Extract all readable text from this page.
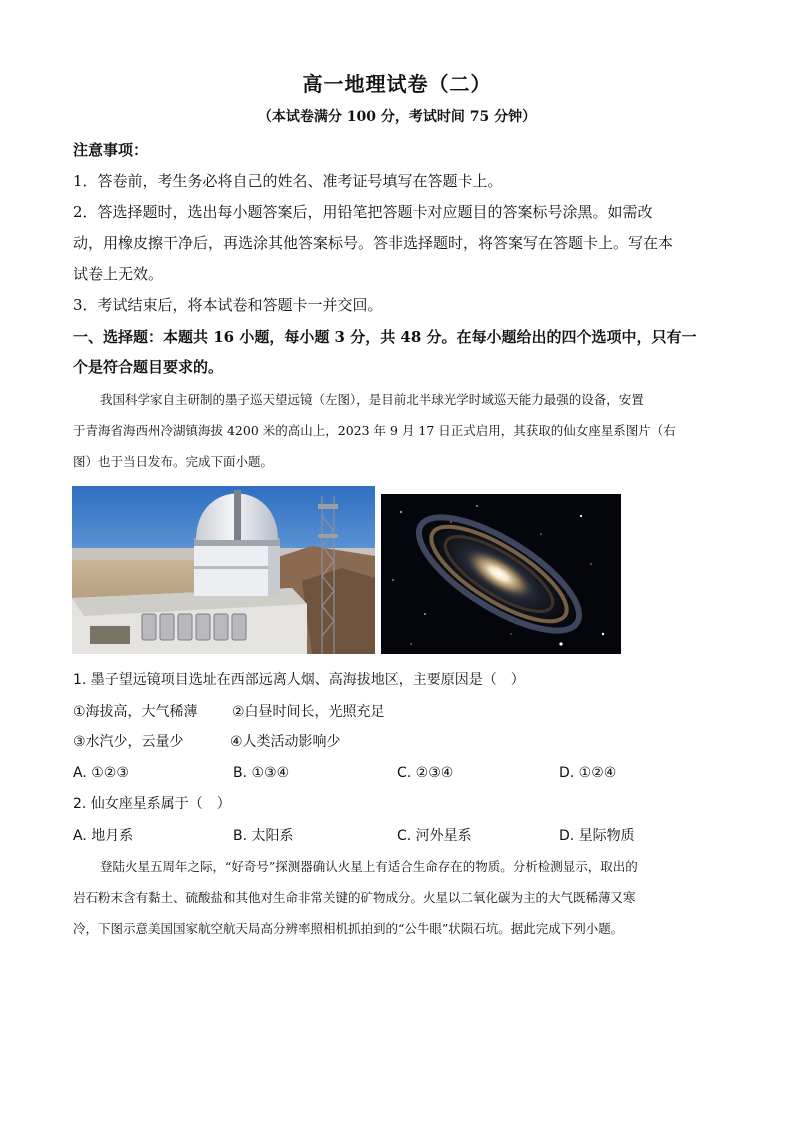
高一地理试卷（二）
（本试卷满分 100 分，考试时间 75 分钟）
注意事项：
1．答卷前，考生务必将自己的姓名、准考证号填写在答题卡上。
2．答选择题时，选出每小题答案后，用铅笔把答题卡对应题目的答案标号涂黑。如需改
动，用橡皮擦干净后，再选涂其他答案标号。答非选择题时，将答案写在答题卡上。写在本
试卷上无效。
3．考试结束后，将本试卷和答题卡一并交回。
一、选择题：本题共 16 小题，每小题 3 分，共 48 分。在每小题给出的四个选项中，只有一
个是符合题目要求的。
我国科学家自主研制的墨子巡天望远镜（左图），是目前北半球光学时域巡天能力最强的设备，安置
于青海省海西州冷湖镇海拔 4200 米的高山上，2023 年 9 月 17 日正式启用，其获取的仙女座星系图片（右
图）也于当日发布。完成下面小题。
1. 墨子望远镜项目选址在西部远离人烟、高海拔地区，主要原因是（　）
①海拔高，大气稀薄 ②白昼时间长，光照充足
③水汽少，云量少	④人类活动影响少
A. ①②③	B. ①③④	C. ②③④	D. ①②④
2. 仙女座星系属于（　）
A. 地月系	B. 太阳系	C. 河外星系	D. 星际物质
登陆火星五周年之际，“好奇号”探测器确认火星上有适合生命存在的物质。分析检测显示，取出的
岩石粉末含有黏土、硫酸盐和其他对生命非常关键的矿物成分。火星以二氧化碳为主的大气既稀薄又寒
冷，下图示意美国国家航空航天局高分辨率照相机抓拍到的“公牛眼”状陨石坑。据此完成下列小题。
